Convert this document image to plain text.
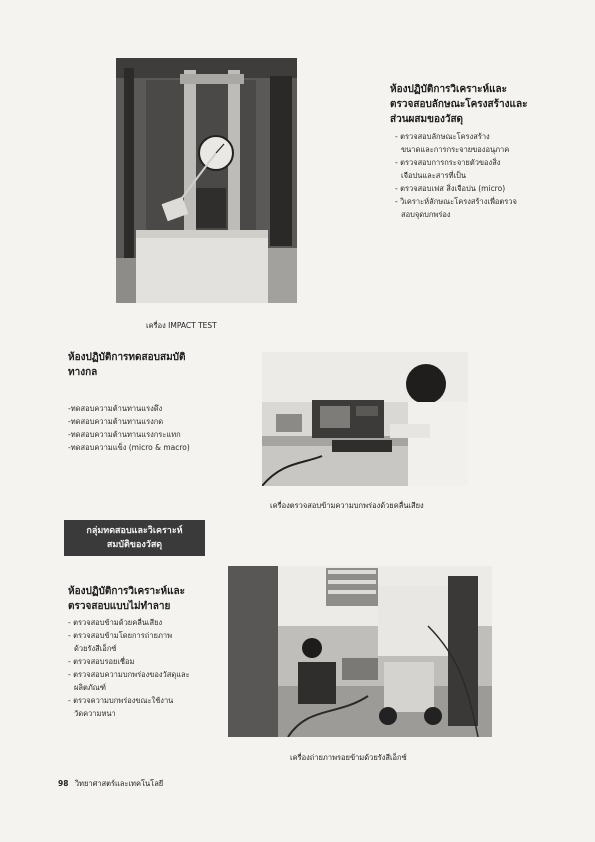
ห้องปฏิบัติการวิเคราะห์และ
ตรวจสอบลักษณะโครงสร้างและ
ส่วนผสมของวัสดุ
- ตรวจสอบลักษณะโครงสร้าง
ขนาดและการกระจายของอนุภาค
- ตรวจสอบการกระจายตัวของสิ่ง
เจือปนและสารที่เป็น
- ตรวจสอบเฟส สิ่งเจือปน (micro)
- วิเคราะห์ลักษณะโครงสร้างเพื่อตรวจ
สอบจุดบกพร่อง
เครื่อง IMPACT TEST
ห้องปฏิบัติการทดสอบสมบัติ
ทางกล
-ทดสอบความต้านทานแรงดึง
-ทดสอบความต้านทานแรงกด
-ทดสอบความต้านทานแรงกระแทก
-ทดสอบความแข็ง (micro & macro)
เครื่องตรวจสอบข้ามความบกพร่องด้วยคลื่นเสียง
กลุ่มทดสอบและวิเคราะห์
สมบัติของวัสดุ
ห้องปฏิบัติการวิเคราะห์และ
ตรวจสอบแบบไม่ทำลาย
- ตรวจสอบข้ามด้วยคลื่นเสียง
- ตรวจสอบข้ามโดยการถ่ายภาพ
ด้วยรังสีเอ็กซ์
- ตรวจสอบรอยเชื่อม
- ตรวจสอบความบกพร่องของวัสดุและ
ผลิตภัณฑ์
- ตรวจความบกพร่องขณะใช้งาน
วัดความหนา
เครื่องถ่ายภาพรอยข้ามด้วยรังสีเอ็กซ์
98 วิทยาศาสตร์และเทคโนโลยี
